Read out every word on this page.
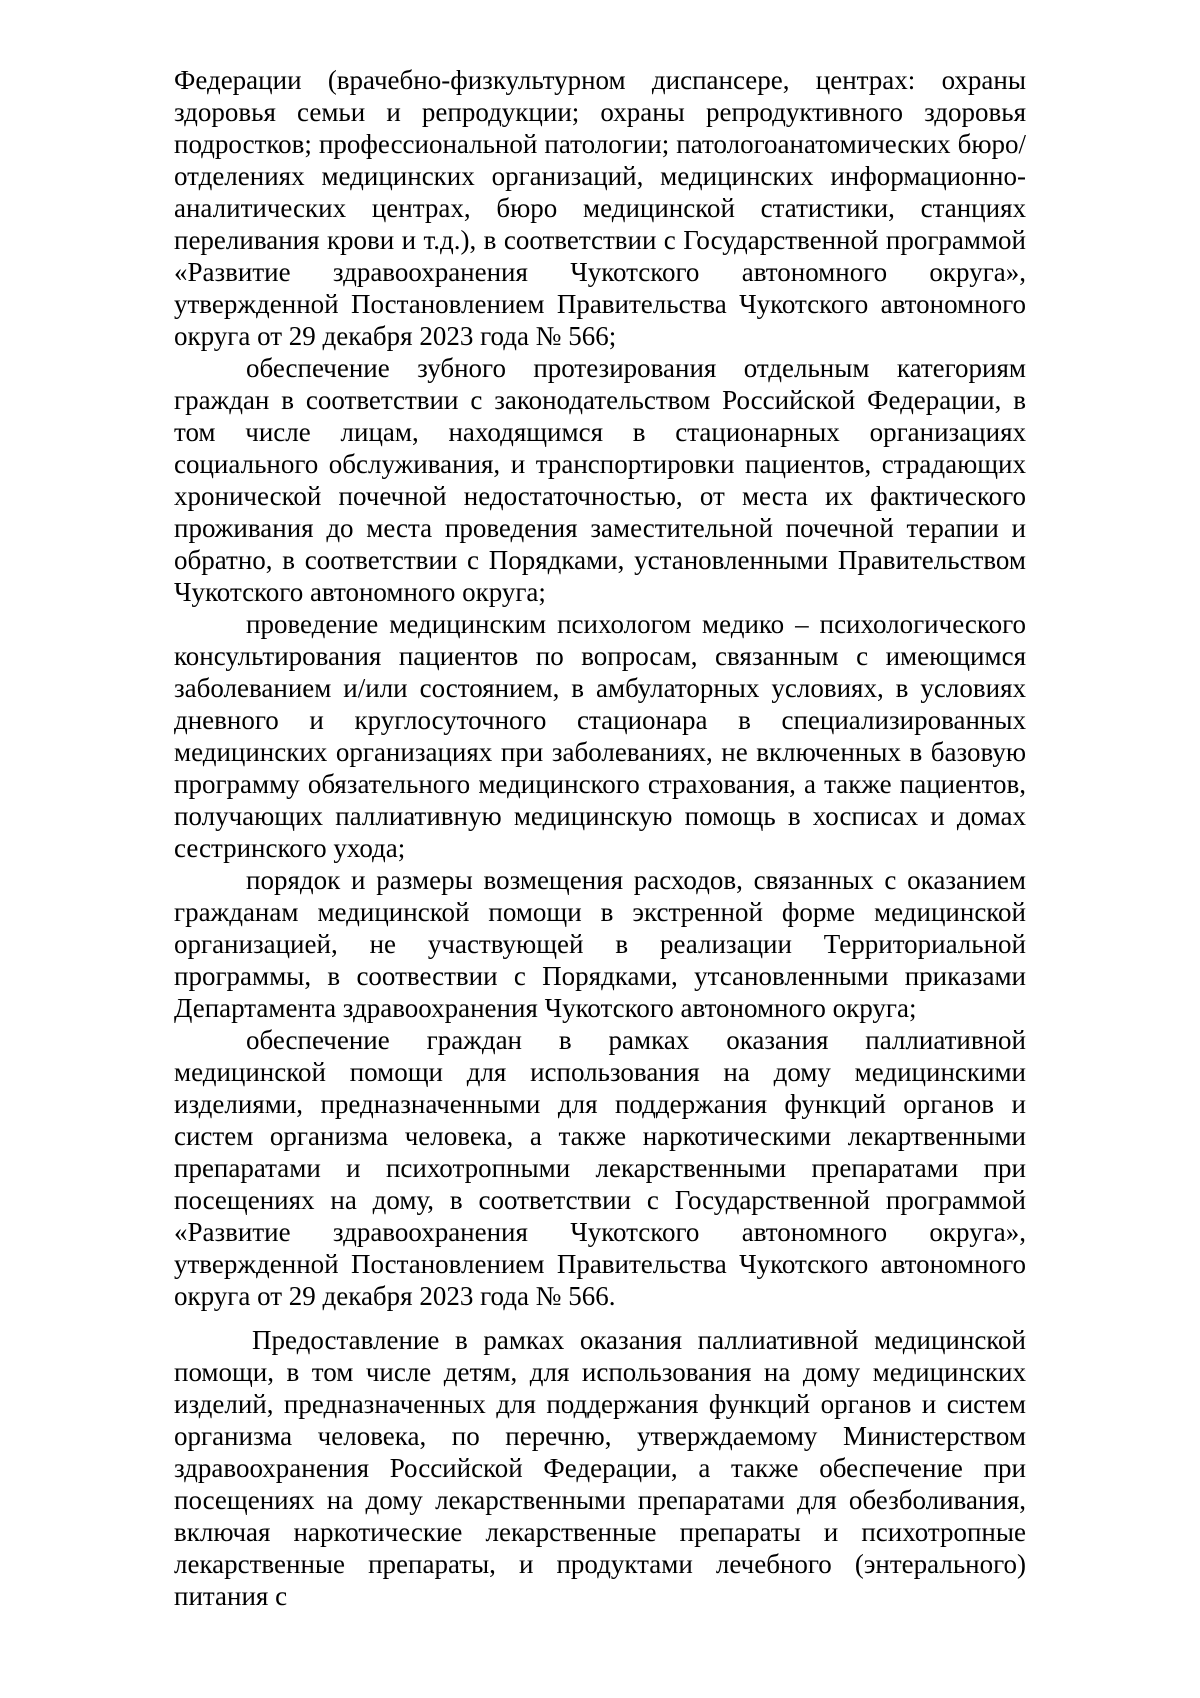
Федерации (врачебно-физкультурном диспансере, центрах: охраны здоровья семьи и репродукции; охраны репродуктивного здоровья подростков; профессиональной патологии; патологоанатомических бюро/отделениях медицинских организаций, медицинских информационно-аналитических центрах, бюро медицинской статистики, станциях переливания крови и т.д.), в соответствии с Государственной программой «Развитие здравоохранения Чукотского автономного округа», утвержденной Постановлением Правительства Чукотского автономного округа от 29 декабря 2023 года № 566;

обеспечение зубного протезирования отдельным категориям граждан в соответствии с законодательством Российской Федерации, в том числе лицам, находящимся в стационарных организациях социального обслуживания, и транспортировки пациентов, страдающих хронической почечной недостаточностью, от места их фактического проживания до места проведения заместительной почечной терапии и обратно, в соответствии с Порядками, установленными Правительством Чукотского автономного округа;

проведение медицинским психологом медико – психологического консультирования пациентов по вопросам, связанным с имеющимся заболеванием и/или состоянием, в амбулаторных условиях, в условиях дневного и круглосуточного стационара в специализированных медицинских организациях при заболеваниях, не включенных в базовую программу обязательного медицинского страхования, а также пациентов, получающих паллиативную медицинскую помощь в хосписах и домах сестринского ухода;

порядок и размеры возмещения расходов, связанных с оказанием гражданам медицинской помощи в экстренной форме медицинской организацией, не участвующей в реализации Территориальной программы, в соотвествии с Порядками, утсановленными приказами Департамента здравоохранения Чукотского автономного округа;

обеспечение граждан в рамках оказания паллиативной медицинской помощи для использования на дому медицинскими изделиями, предназначенными для поддержания функций органов и систем организма человека, а также наркотическими лекартвенными препаратами и психотропными лекарственными препаратами при посещениях на дому, в соответствии с Государственной программой «Развитие здравоохранения Чукотского автономного округа», утвержденной Постановлением Правительства Чукотского автономного округа от 29 декабря 2023 года № 566.

Предоставление в рамках оказания паллиативной медицинской помощи, в том числе детям, для использования на дому медицинских изделий, предназначенных для поддержания функций органов и систем организма человека, по перечню, утверждаемому Министерством здравоохранения Российской Федерации, а также обеспечение при посещениях на дому лекарственными препаратами для обезболивания, включая наркотические лекарственные препараты и психотропные лекарственные препараты, и продуктами лечебного (энтерального) питания с
